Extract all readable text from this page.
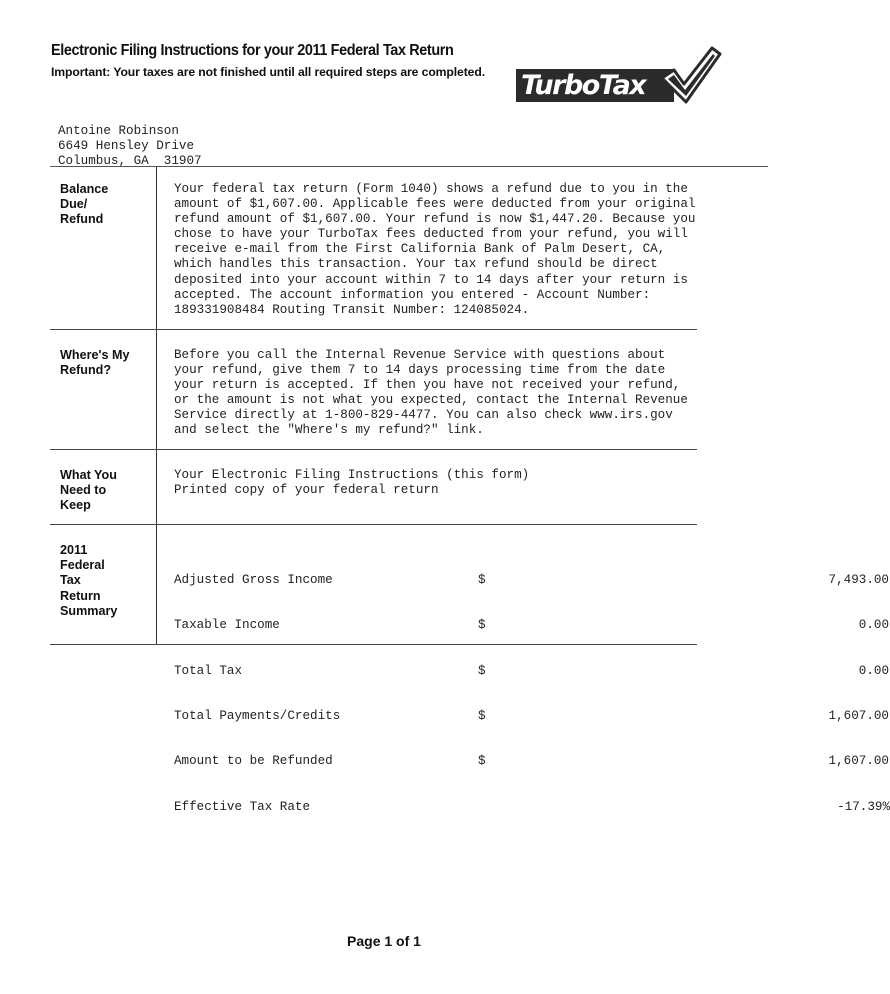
Electronic Filing Instructions for your 2011 Federal Tax Return
Important: Your taxes are not finished until all required steps are completed. TurboTax
Antoine Robinson
6649 Hensley Drive
Columbus, GA  31907
Balance
Due/
Refund
Your federal tax return (Form 1040) shows a refund due to you in the
amount of $1,607.00. Applicable fees were deducted from your original
refund amount of $1,607.00. Your refund is now $1,447.20. Because you
chose to have your TurboTax fees deducted from your refund, you will
receive e-mail from the First California Bank of Palm Desert, CA,
which handles this transaction. Your tax refund should be direct
deposited into your account within 7 to 14 days after your return is
accepted. The account information you entered - Account Number:
189331908484 Routing Transit Number: 124085024.
Where's My
Refund?
Before you call the Internal Revenue Service with questions about
your refund, give them 7 to 14 days processing time from the date
your return is accepted. If then you have not received your refund,
or the amount is not what you expected, contact the Internal Revenue
Service directly at 1-800-829-4477. You can also check www.irs.gov
and select the "Where's my refund?" link.
What You
Need to
Keep
Your Electronic Filing Instructions (this form)
Printed copy of your federal return
2011
Federal
Tax
Return
Summary

Adjusted Gross Income	$	7,493.00

Taxable Income	$	0.00

Total Tax	$	0.00

Total Payments/Credits	$	1,607.00

Amount to be Refunded	$	1,607.00

Effective Tax Rate	-17.39%

Page 1 of 1
